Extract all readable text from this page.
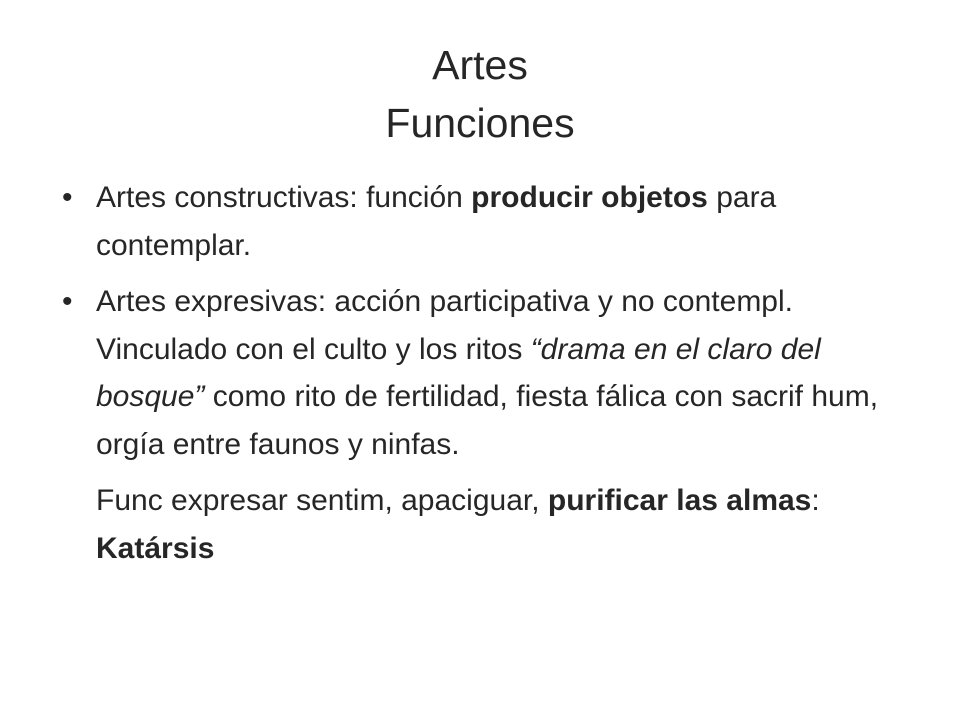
Artes
Funciones
• Artes constructivas: función producir objetos para contemplar.
• Artes expresivas: acción participativa y no contempl. Vinculado con el culto y los ritos “drama en el claro del bosque” como rito de fertilidad, fiesta fálica con sacrif hum, orgía entre faunos y ninfas.
Func expresar sentim, apaciguar, purificar las almas: Katársis
